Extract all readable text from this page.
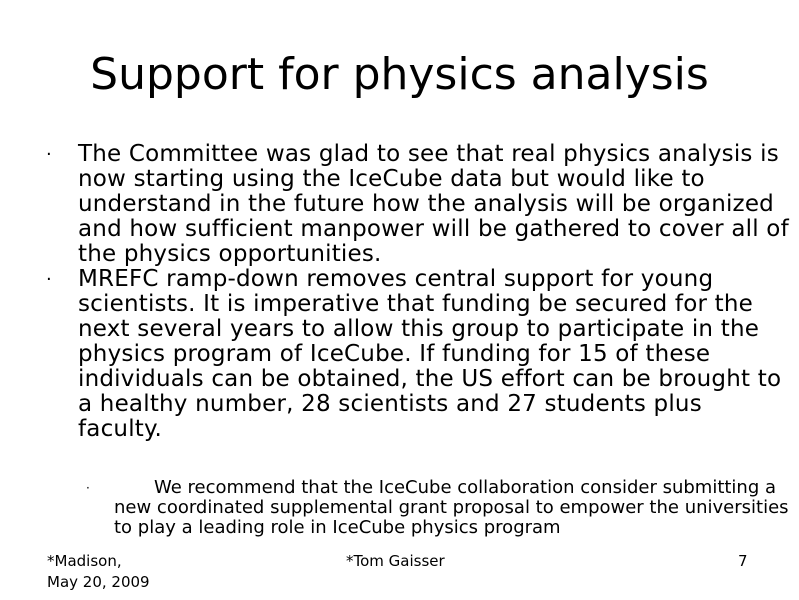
Support for physics analysis
· The Committee was glad to see that real physics analysis is now starting using the IceCube data but would like to understand in the future how the analysis will be organized and how sufficient manpower will be gathered to cover all of the physics opportunities.
· MREFC ramp-down removes central support for young scientists. It is imperative that funding be secured for the next several years to allow this group to participate in the physics program of IceCube. If funding for 15 of these individuals can be obtained, the US effort can be brought to a healthy number, 28 scientists and 27 students plus faculty.
·	We recommend that the IceCube collaboration consider submitting a new coordinated supplemental grant proposal to empower the universities to play a leading role in IceCube physics program
*Madison,
May 20, 2009
*Tom Gaisser	7
